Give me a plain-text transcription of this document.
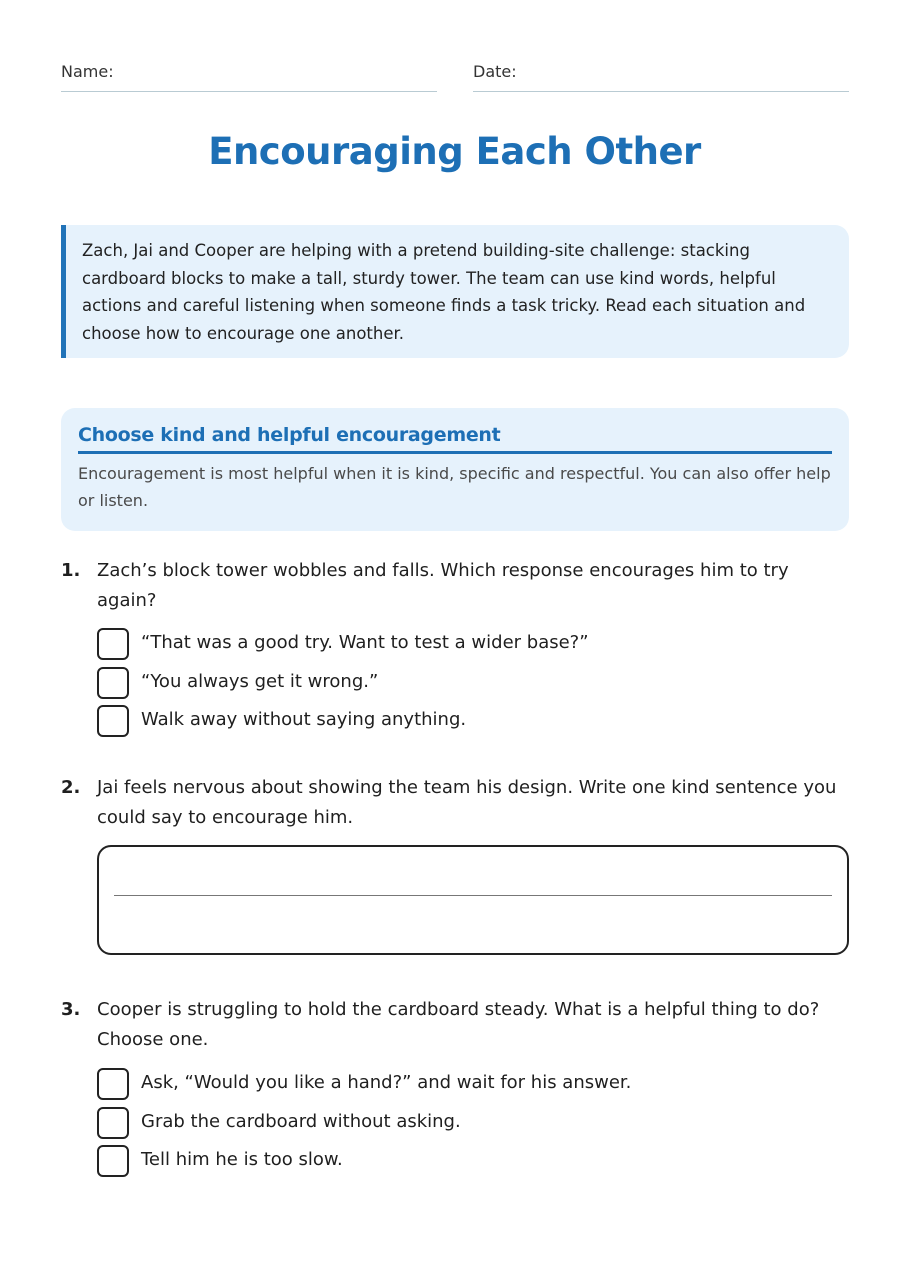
Name:	Date:
Encouraging Each Other
Zach, Jai and Cooper are helping with a pretend building-site challenge: stacking cardboard blocks to make a tall, sturdy tower. The team can use kind words, helpful actions and careful listening when someone finds a task tricky. Read each situation and choose how to encourage one another.
Choose kind and helpful encouragement
Encouragement is most helpful when it is kind, specific and respectful. You can also offer help or listen.
1. Zach’s block tower wobbles and falls. Which response encourages him to try again?
“That was a good try. Want to test a wider base?”
“You always get it wrong.”
Walk away without saying anything.
2. Jai feels nervous about showing the team his design. Write one kind sentence you could say to encourage him.
3. Cooper is struggling to hold the cardboard steady. What is a helpful thing to do? Choose one.
Ask, “Would you like a hand?” and wait for his answer.
Grab the cardboard without asking.
Tell him he is too slow.
